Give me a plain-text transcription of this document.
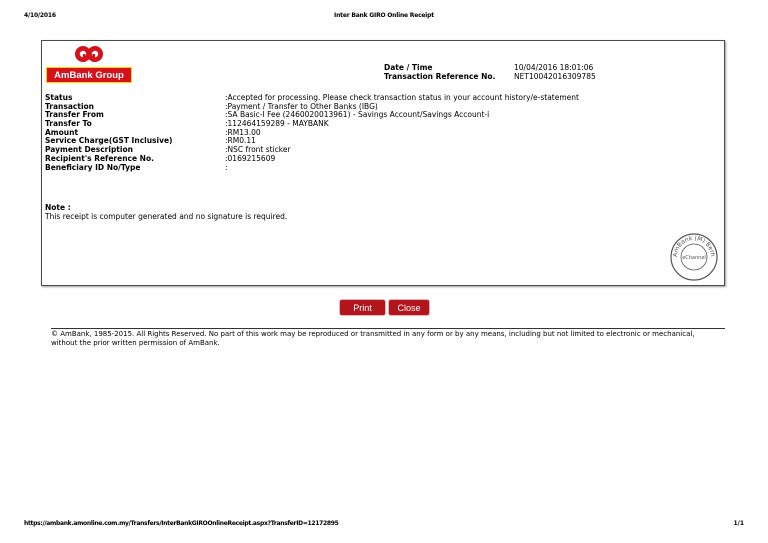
4/10/2016	Inter Bank GIRO Online Receipt
AmBank Group
Date / Time	10/04/2016 18:01:06
Transaction Reference No. NET10042016309785
Status	:Accepted for processing. Please check transaction status in your account history/e-statement
Transaction	:Payment / Transfer to Other Banks (IBG)
Transfer From	:SA Basic-I Fee (2460020013961) - Savings Account/Savings Account-i
Transfer To	:112464159289 - MAYBANK
Amount	:RM13.00
Service Charge(GST Inclusive)	:RM0.11
Payment Description	:NSC front sticker
Recipient's Reference No.	:0169215609
Beneficiary ID No/Type	:
Note :
This receipt is computer generated and no signature is required.
AmBank (M) Berh
eChannel
Print	Close
© AmBank, 1985-2015. All Rights Reserved. No part of this work may be reproduced or transmitted in any form or by any means, including but not limited to electronic or mechanical, without the prior written permission of AmBank.
https://ambank.amonline.com.my/Transfers/InterBankGIROOnlineReceipt.aspx?TransferID=12172895	1/1
